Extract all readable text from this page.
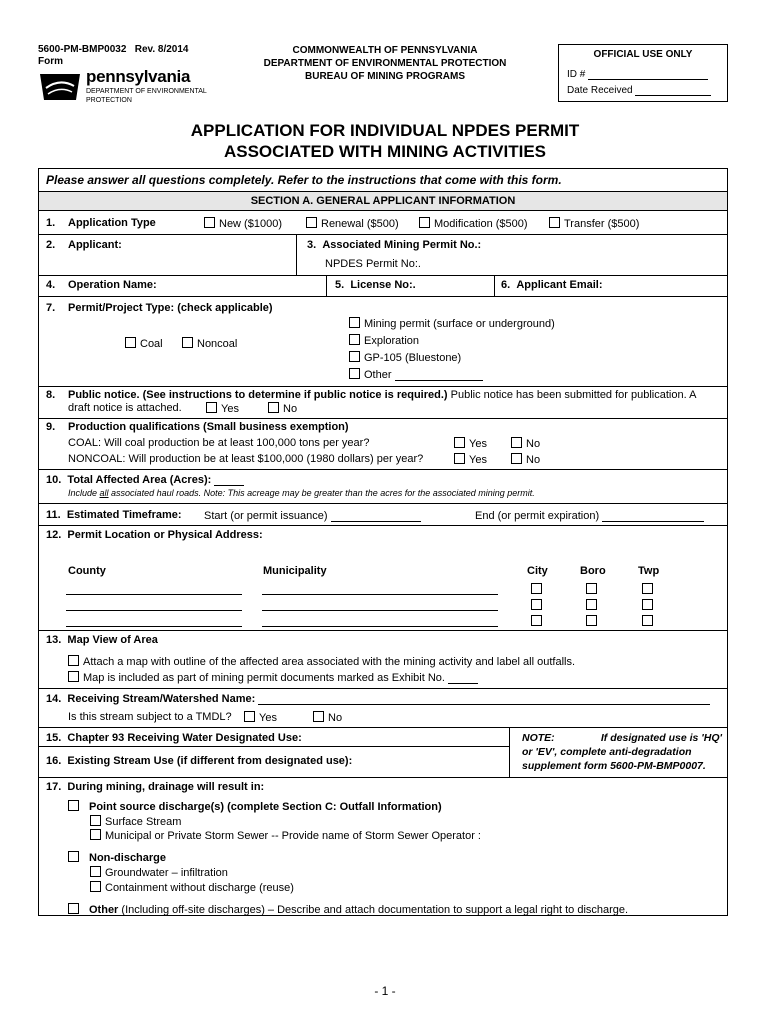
5600-PM-BMP0032 Rev. 8/2014
Form
pennsylvania
DEPARTMENT OF ENVIRONMENTAL
PROTECTION
COMMONWEALTH OF PENNSYLVANIA
DEPARTMENT OF ENVIRONMENTAL PROTECTION
BUREAU OF MINING PROGRAMS
OFFICIAL USE ONLY
ID #
Date Received
APPLICATION FOR INDIVIDUAL NPDES PERMIT
ASSOCIATED WITH MINING ACTIVITIES
Please answer all questions completely. Refer to the instructions that come with this form.
SECTION A. GENERAL APPLICANT INFORMATION
1. Application Type	New ($1000)	Renewal ($500)	Modification ($500)	Transfer ($500)
2. Applicant:	3. Associated Mining Permit No.:
NPDES Permit No:.
4. Operation Name:	5. License No:.	6. Applicant Email:
7. Permit/Project Type: (check applicable)
Coal	Noncoal
Mining permit (surface or underground)
Exploration
GP-105 (Bluestone)
Other
8. Public notice. (See instructions to determine if public notice is required.) Public notice has been submitted for publication. A
draft notice is attached.	Yes	No
9. Production qualifications (Small business exemption)
COAL: Will coal production be at least 100,000 tons per year?	Yes	No
NONCOAL: Will production be at least $100,000 (1980 dollars) per year?	Yes	No
10. Total Affected Area (Acres):
Include all associated haul roads. Note: This acreage may be greater than the acres for the associated mining permit.
11. Estimated Timeframe: Start (or permit issuance)	End (or permit expiration)
12. Permit Location or Physical Address:
County	Municipality	City	Boro	Twp
13. Map View of Area
Attach a map with outline of the affected area associated with the mining activity and label all outfalls.
Map is included as part of mining permit documents marked as Exhibit No.
14. Receiving Stream/Watershed Name:
Is this stream subject to a TMDL?	Yes	No
15. Chapter 93 Receiving Water Designated Use:
16. Existing Stream Use (if different from designated use):
NOTE:	If designated use is 'HQ'
or 'EV', complete anti-degradation
supplement form 5600-PM-BMP0007.
17. During mining, drainage will result in:
Point source discharge(s) (complete Section C: Outfall Information)
Surface Stream
Municipal or Private Storm Sewer -- Provide name of Storm Sewer Operator :
Non-discharge
Groundwater – infiltration
Containment without discharge (reuse)
Other (Including off-site discharges) – Describe and attach documentation to support a legal right to discharge.
- 1 -
